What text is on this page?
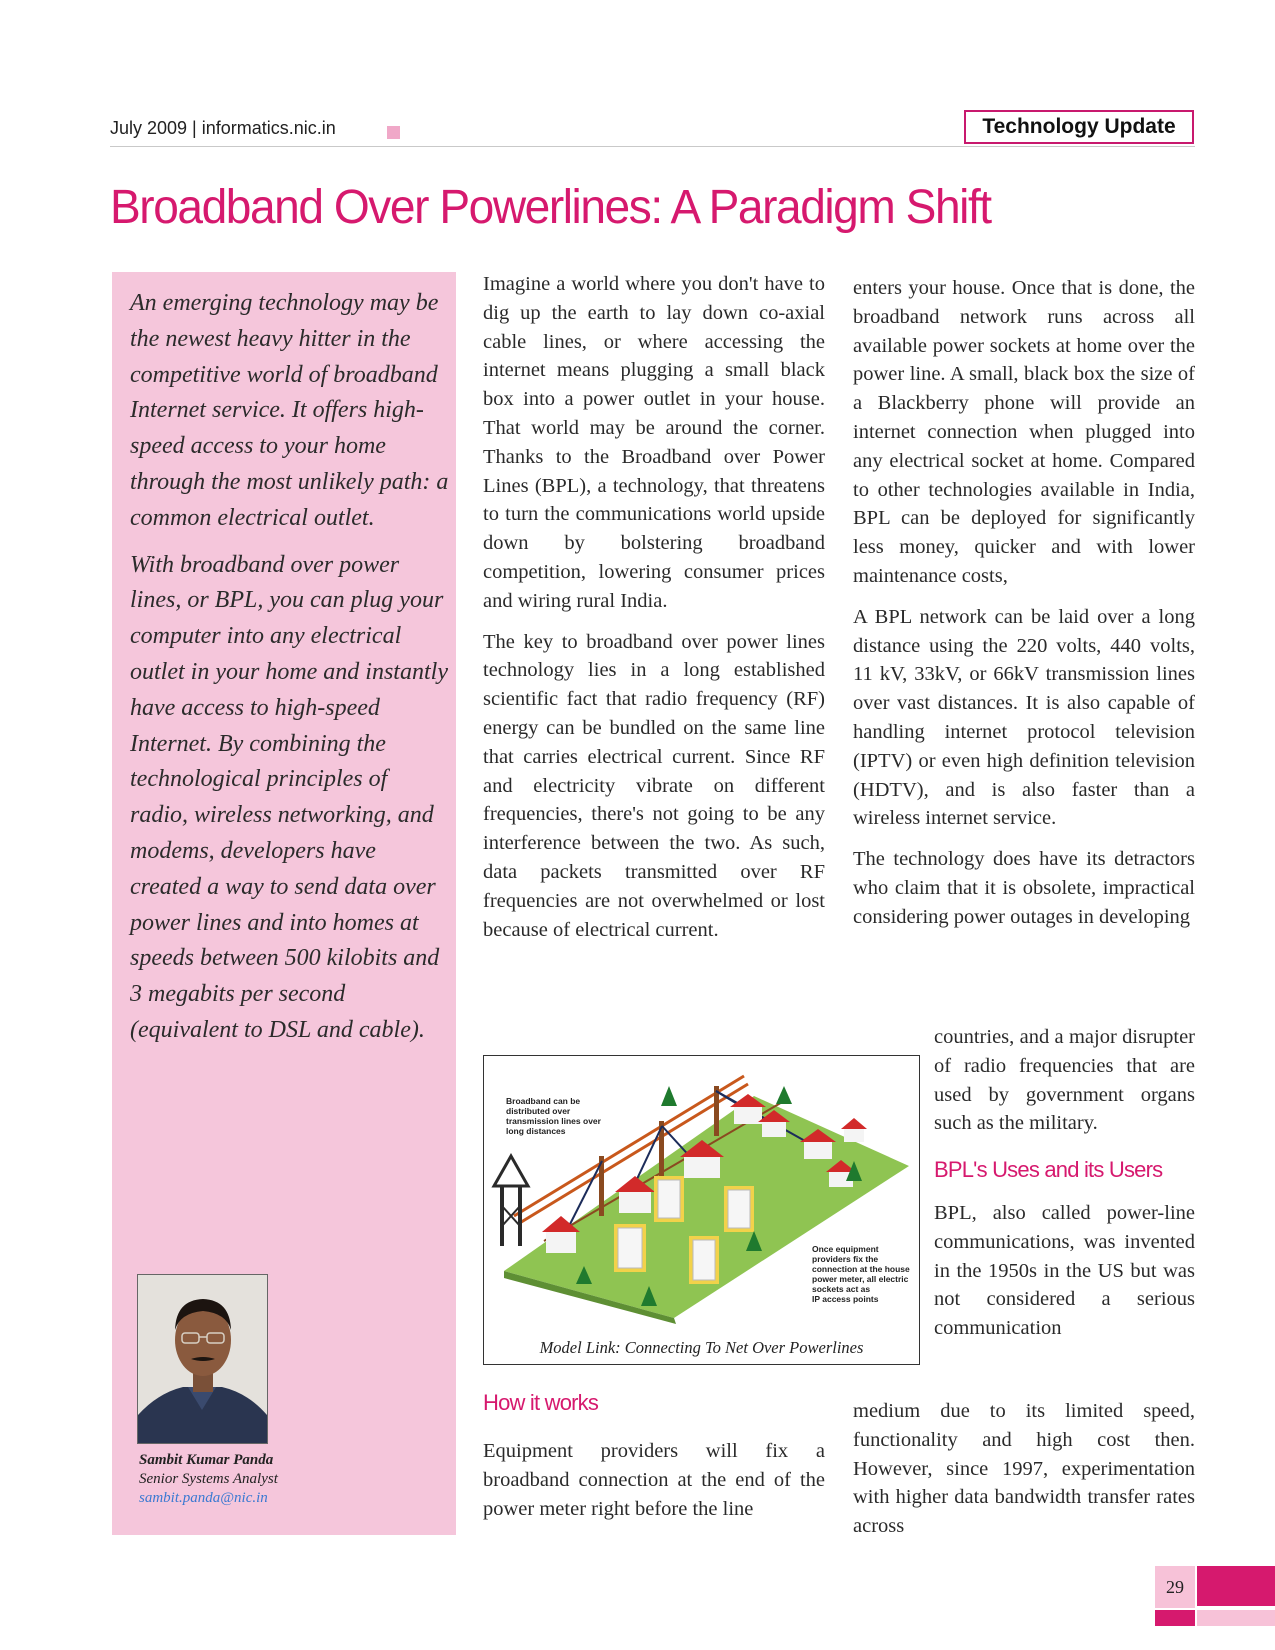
July 2009 | informatics.nic.in	Technology Update
Broadband Over Powerlines: A Paradigm Shift

An emerging technology may be the newest heavy hitter in the competitive world of broadband Internet service. It offers high-speed access to your home through the most unlikely path: a common electrical outlet.

With broadband over power lines, or BPL, you can plug your computer into any electrical outlet in your home and instantly have access to high-speed Internet. By combining the technological principles of radio, wireless networking, and modems, developers have created a way to send data over power lines and into homes at speeds between 500 kilobits and 3 megabits per second (equivalent to DSL and cable).

Sambit Kumar Panda
Senior Systems Analyst
sambit.panda@nic.in

Imagine a world where you don't have to dig up the earth to lay down co-axial cable lines, or where accessing the internet means plugging a small black box into a power outlet in your house. That world may be around the corner. Thanks to the Broadband over Power Lines (BPL), a technology, that threatens to turn the communications world upside down by bolstering broadband competition, lowering consumer prices and wiring rural India.

The key to broadband over power lines technology lies in a long established scientific fact that radio frequency (RF) energy can be bundled on the same line that carries electrical current. Since RF and electricity vibrate on different frequencies, there's not going to be any interference between the two. As such, data packets transmitted over RF frequencies are not overwhelmed or lost because of electrical current.

Broadband can be distributed over transmission lines over long distances
Once equipment providers fix the connection at the house power meter, all electric sockets act as IP access points
Model Link: Connecting To Net Over Powerlines
How it works

Equipment providers will fix a broadband connection at the end of the power meter right before the line

enters your house. Once that is done, the broadband network runs across all available power sockets at home over the power line. A small, black box the size of a Blackberry phone will provide an internet connection when plugged into any electrical socket at home. Compared to other technologies available in India, BPL can be deployed for significantly less money, quicker and with lower maintenance costs,

A BPL network can be laid over a long distance using the 220 volts, 440 volts, 11 kV, 33kV, or 66kV transmission lines over vast distances. It is also capable of handling internet protocol television (IPTV) or even high definition television (HDTV), and is also faster than a wireless internet service.

The technology does have its detractors who claim that it is obsolete, impractical considering power outages in developing

countries, and a major disrupter of radio frequencies that are used by government organs such as the military.

BPL's Uses and its Users

BPL, also called power-line communications, was invented in the 1950s in the US but was not considered a serious communication

medium due to its limited speed, functionality and high cost then. However, since 1997, experimentation with higher data bandwidth transfer rates across

29
